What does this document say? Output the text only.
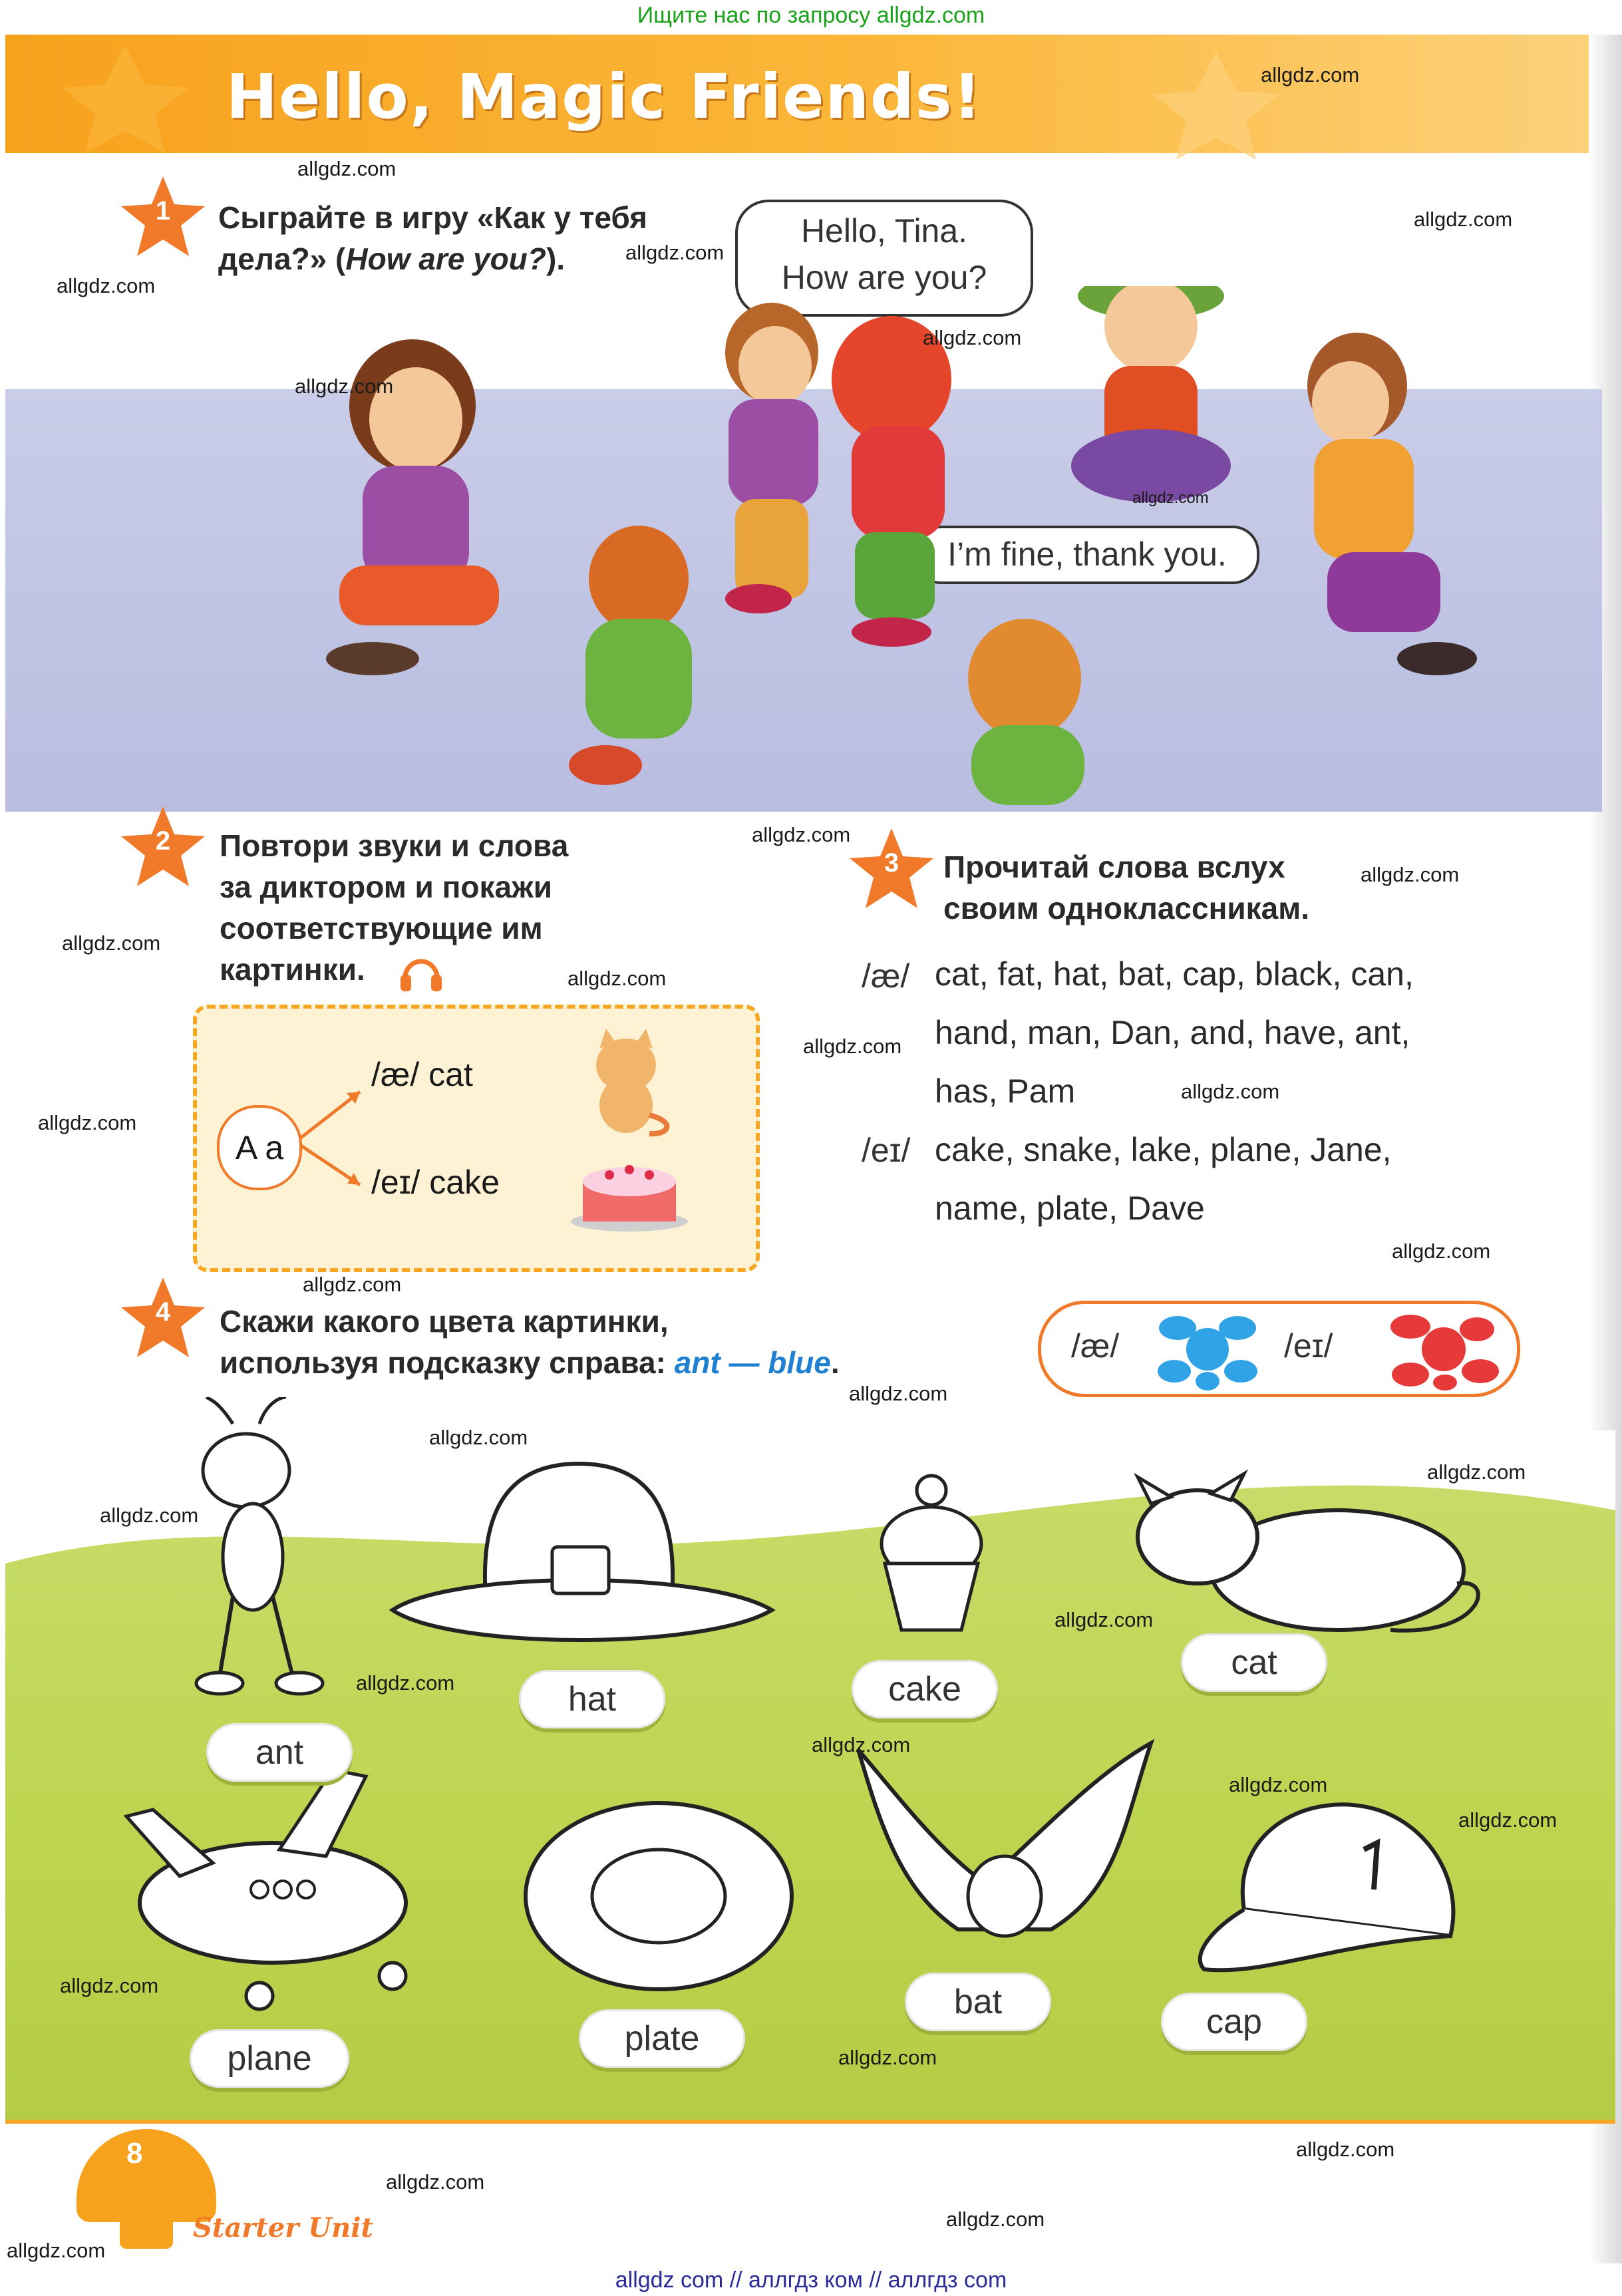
Ищите нас по запросу allgdz.com
Hello, Magic Friends!
1	Сыграйте в игру «Как у тебя
дела?» (How are you?).
Hello, Tina.
How are you?
I’m fine, thank you.
2	Повтори звуки и слова
за диктором и покажи
соответствующие им
картинки.
A a
/æ/ cat
/eɪ/ cake
3	Прочитай слова вслух
своим одноклассникам.
/æ/ cat, fat, hat, bat, cap, black, can,
hand, man, Dan, and, have, ant,
has, Pam
/eɪ/ cake, snake, lake, plane, Jane,
name, plate, Dave
4	Скажи какого цвета картинки,
используя подсказку справа: ant — blue.	/æ/	/eɪ/
ant
hat	cake
cat
plane
plate
bat
cap
8
Starter Unit
allgdz.com
allgdz.com
allgdz.com
allgdz.com
allgdz.com
allgdz.com
allgdz.com
allgdz.com
allgdz.com
allgdz.com
allgdz.com
allgdz.com
allgdz.com
allgdz.com
allgdz.com
allgdz.com
allgdz.com
allgdz.com
allgdz.com
allgdz.com
allgdz.com
allgdz.com
allgdz.com
allgdz.com
allgdz.com
allgdz.com
allgdz.com
allgdz.com
allgdz.com
allgdz.com
allgdz.com
allgdz.com
allgdz com // аллгдз ком // аллгдз com
